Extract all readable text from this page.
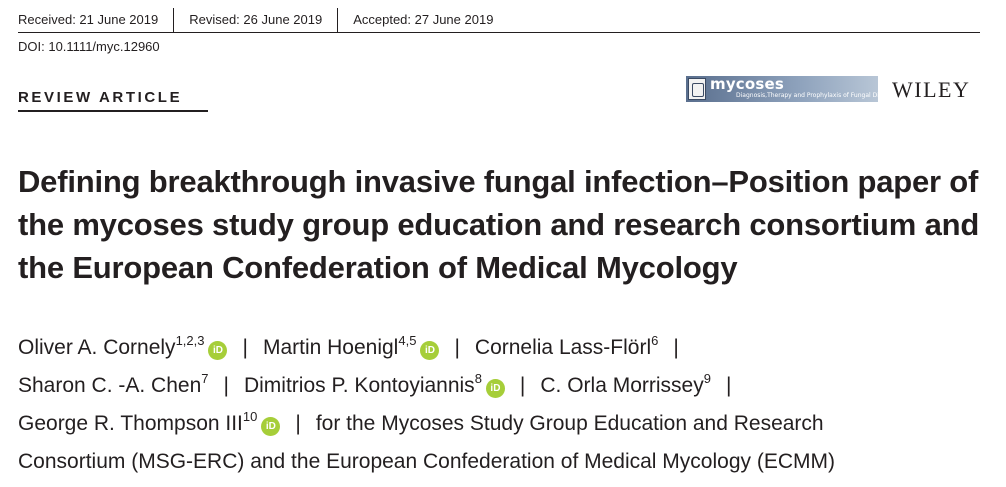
Received: 21 June 2019	Revised: 26 June 2019	Accepted: 27 June 2019
DOI: 10.1111/myc.12960
REVIEW ARTICLE
mycoses
Diagnosis,Therapy and Prophylaxis of Fungal Diseases
WILEY
Defining breakthrough invasive fungal infection–Position paper of the mycoses study group education and research consortium and the European Confederation of Medical Mycology
Oliver A. Cornely$^{1,2,3}$iD | Martin Hoenigl$^{4,5}$iD | Cornelia Lass-Flörl$^6$ |
Sharon C. -A. Chen$^7$ | Dimitrios P. Kontoyiannis$^8$iD | C. Orla Morrissey$^9$ |
George R. Thompson III$^{10}$iD | for the Mycoses Study Group Education and Research
Consortium (MSG-ERC) and the European Confederation of Medical Mycology (ECMM)
